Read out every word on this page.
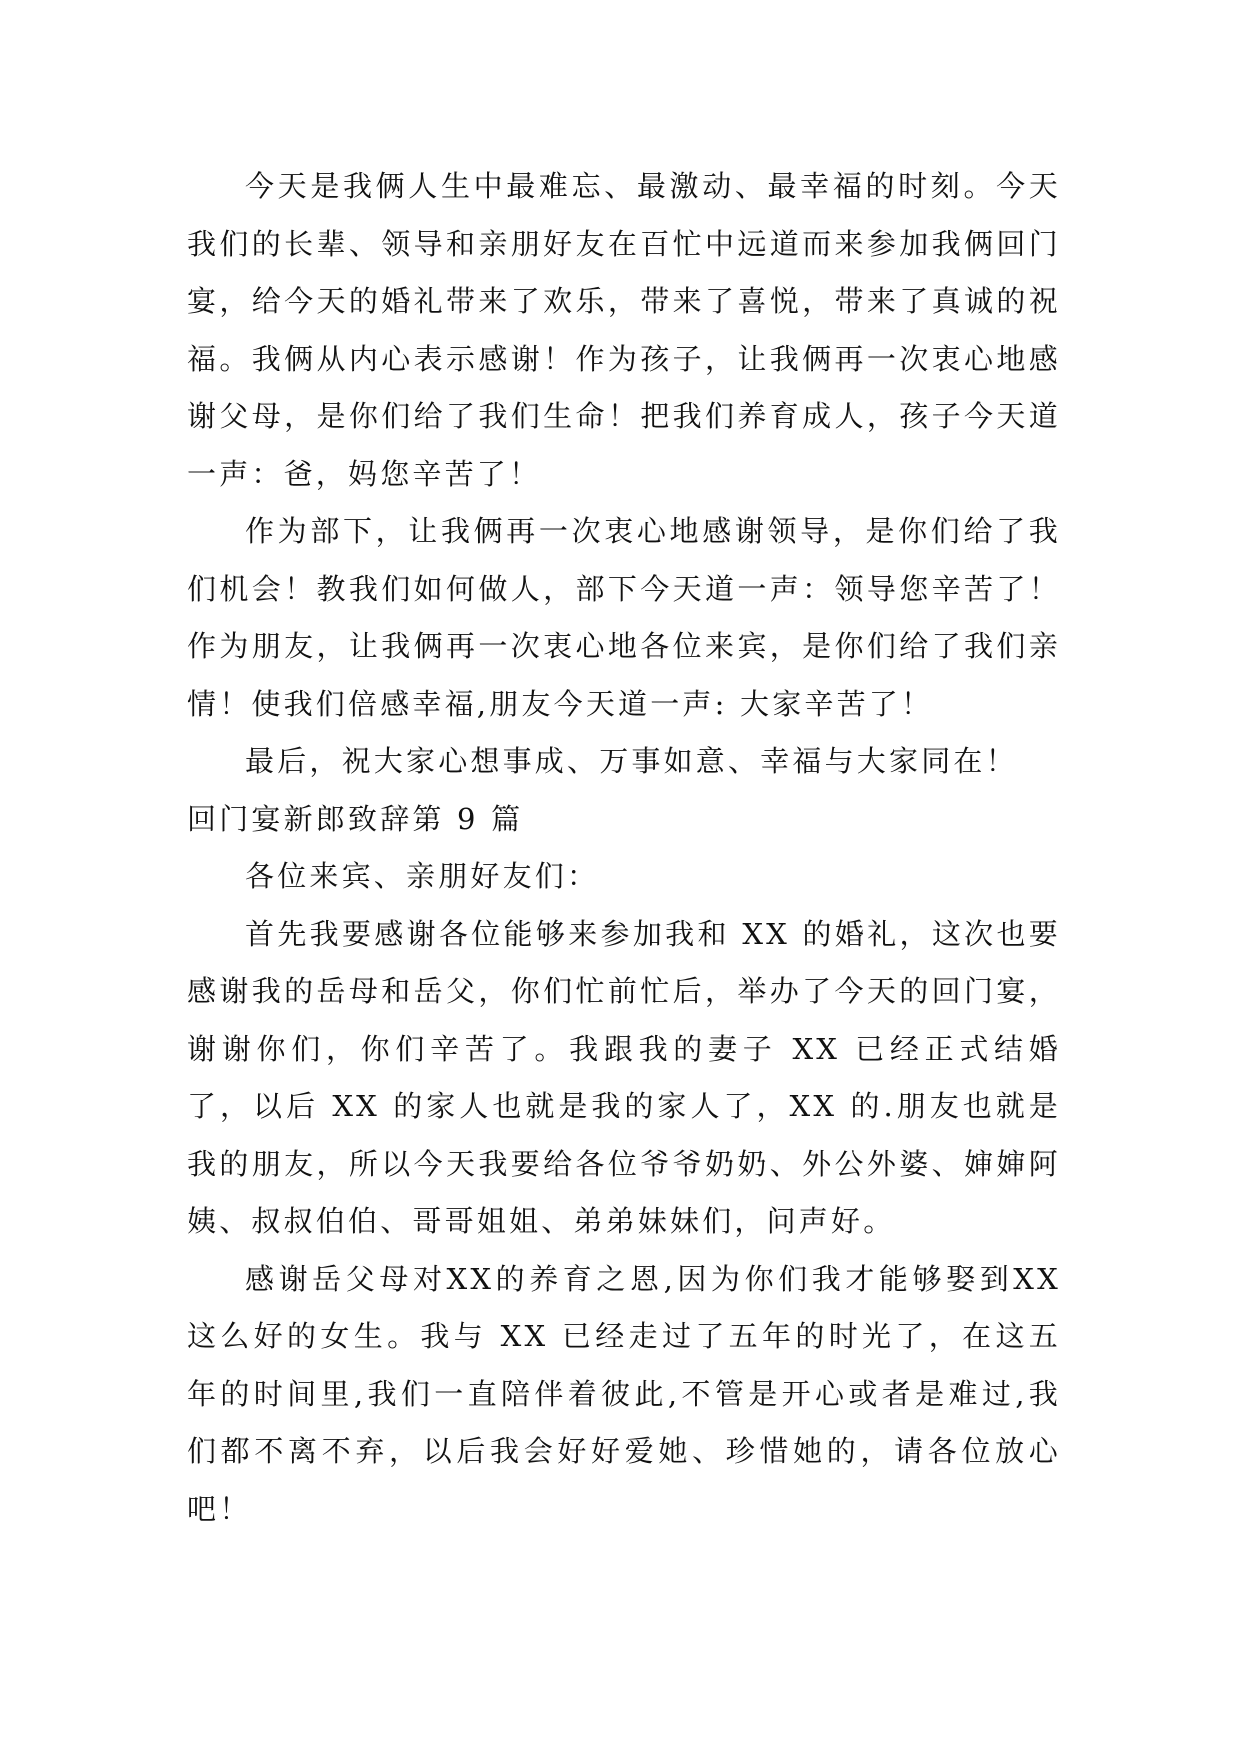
今天是我俩人生中最难忘、最激动、最幸福的时刻。今天我们的长辈、领导和亲朋好友在百忙中远道而来参加我俩回门宴，给今天的婚礼带来了欢乐，带来了喜悦，带来了真诚的祝福。我俩从内心表示感谢！作为孩子，让我俩再一次衷心地感谢父母，是你们给了我们生命！把我们养育成人，孩子今天道一声：爸，妈您辛苦了！

作为部下，让我俩再一次衷心地感谢领导，是你们给了我们机会！教我们如何做人，部下今天道一声：领导您辛苦了！作为朋友，让我俩再一次衷心地各位来宾，是你们给了我们亲情！使我们倍感幸福,朋友今天道一声: 大家辛苦了！

最后，祝大家心想事成、万事如意、幸福与大家同在！

回门宴新郎致辞第 9 篇

各位来宾、亲朋好友们：

首先我要感谢各位能够来参加我和 XX 的婚礼，这次也要感谢我的岳母和岳父，你们忙前忙后，举办了今天的回门宴，谢谢你们，你们辛苦了。我跟我的妻子 XX 已经正式结婚了，以后 XX 的家人也就是我的家人了，XX 的.朋友也就是我的朋友，所以今天我要给各位爷爷奶奶、外公外婆、婶婶阿姨、叔叔伯伯、哥哥姐姐、弟弟妹妹们，问声好。

感谢岳父母对XX的养育之恩,因为你们我才能够娶到XX这么好的女生。我与 XX 已经走过了五年的时光了，在这五年的时间里,我们一直陪伴着彼此,不管是开心或者是难过,我们都不离不弃，以后我会好好爱她、珍惜她的，请各位放心吧！
